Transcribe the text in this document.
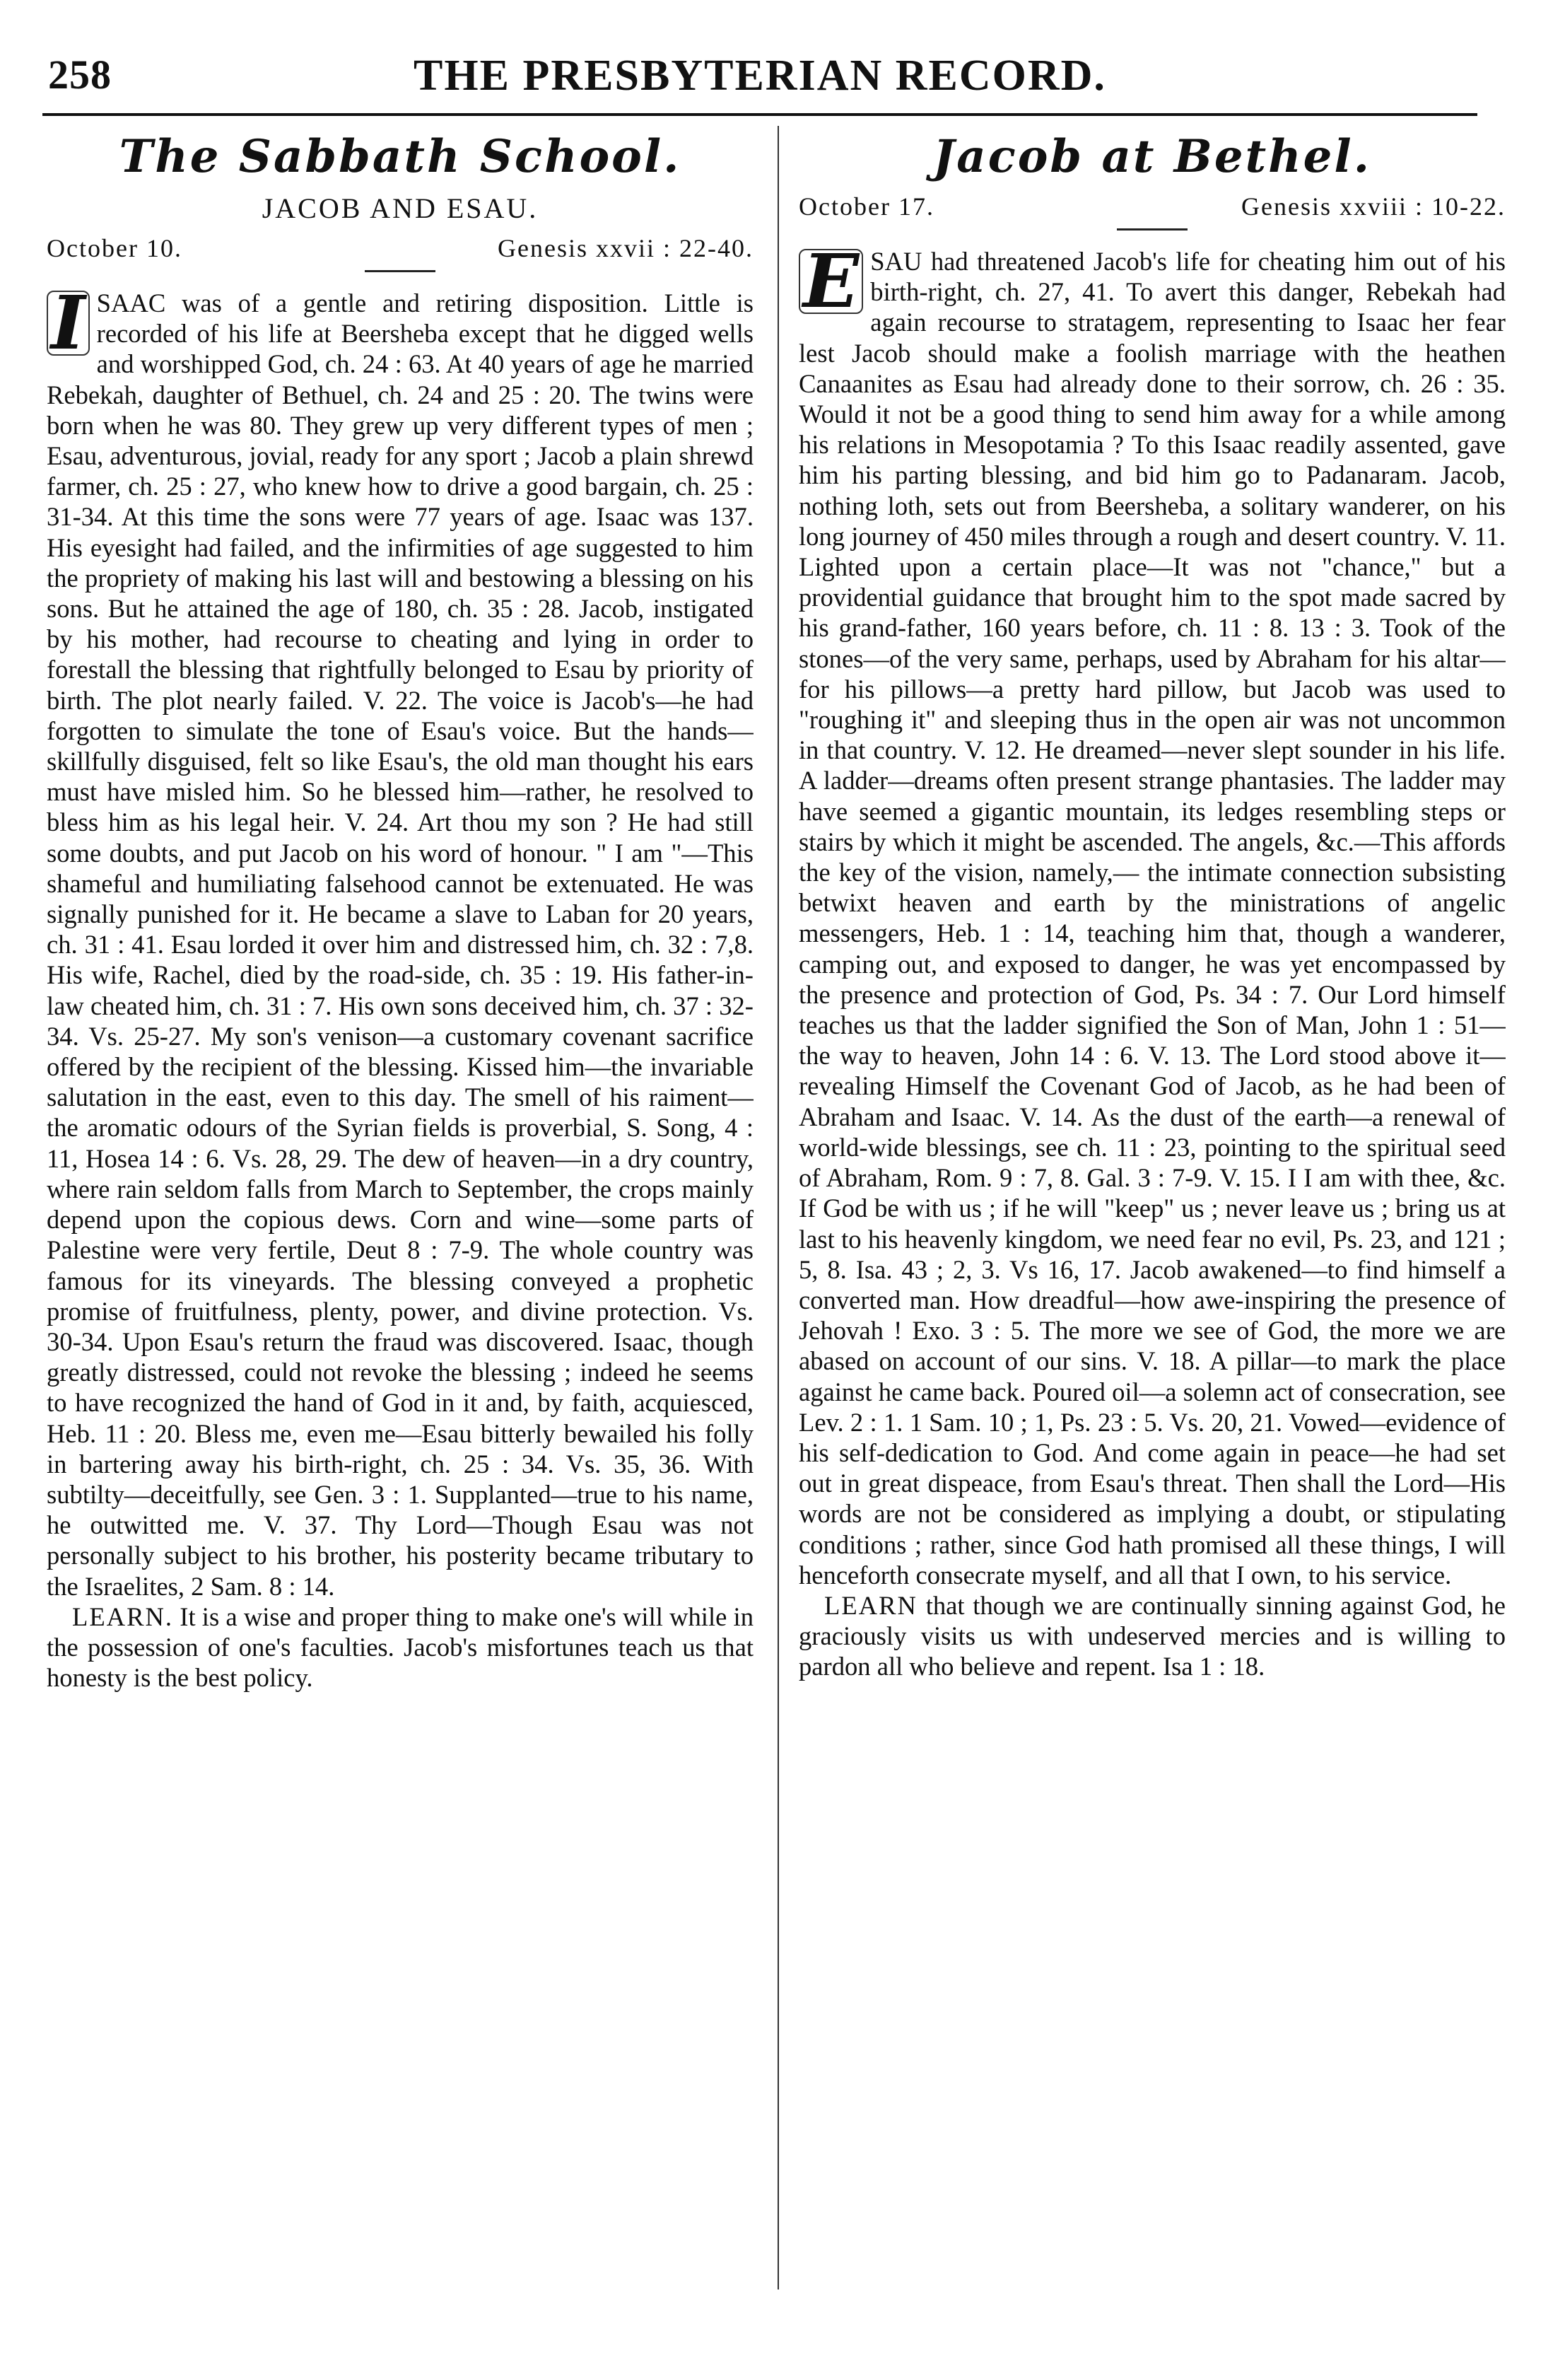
258	THE PRESBYTERIAN RECORD.
The Sabbath School.
JACOB AND ESAU.
October 10.	Genesis xxvii : 22-40.

I SAAC was of a gentle and retiring disposition. Little is recorded of his life at Beersheba except that he digged wells and worshipped God, ch. 24 : 63. At 40 years of age he married Rebekah, daughter of Bethuel, ch. 24 and 25 : 20. The twins were born when he was 80. They grew up very different types of men ; Esau, adventurous, jovial, ready for any sport ; Jacob a plain shrewd farmer, ch. 25 : 27, who knew how to drive a good bargain, ch. 25 : 31-34. At this time the sons were 77 years of age. Isaac was 137. His eyesight had failed, and the infirmities of age suggested to him the propriety of making his last will and bestowing a blessing on his sons. But he attained the age of 180, ch. 35 : 28. Jacob, instigated by his mother, had recourse to cheating and lying in order to forestall the blessing that rightfully belonged to Esau by priority of birth. The plot nearly failed. V. 22. The voice is Jacob's—he had forgotten to simulate the tone of Esau's voice. But the hands—skillfully disguised, felt so like Esau's, the old man thought his ears must have misled him. So he blessed him—rather, he resolved to bless him as his legal heir. V. 24. Art thou my son ? He had still some doubts, and put Jacob on his word of honour. " I am "—This shameful and humiliating falsehood cannot be extenuated. He was signally punished for it. He became a slave to Laban for 20 years, ch. 31 : 41. Esau lorded it over him and distressed him, ch. 32 : 7,8. His wife, Rachel, died by the road-side, ch. 35 : 19. His father-in-law cheated him, ch. 31 : 7. His own sons deceived him, ch. 37 : 32-34. Vs. 25-27. My son's venison—a customary covenant sacrifice offered by the recipient of the blessing. Kissed him—the invariable salutation in the east, even to this day. The smell of his raiment—the aromatic odours of the Syrian fields is proverbial, S. Song, 4 : 11, Hosea 14 : 6. Vs. 28, 29. The dew of heaven—in a dry country, where rain seldom falls from March to September, the crops mainly depend upon the copious dews. Corn and wine—some parts of Palestine were very fertile, Deut 8 : 7-9. The whole country was famous for its vineyards. The blessing conveyed a prophetic promise of fruitfulness, plenty, power, and divine protection. Vs. 30-34. Upon Esau's return the fraud was discovered. Isaac, though greatly distressed, could not revoke the blessing ; indeed he seems to have recognized the hand of God in it and, by faith, acquiesced, Heb. 11 : 20. Bless me, even me—Esau bitterly bewailed his folly in bartering away his birth-right, ch. 25 : 34. Vs. 35, 36. With subtilty—deceitfully, see Gen. 3 : 1. Supplanted—true to his name, he outwitted me. V. 37. Thy Lord—Though Esau was not personally subject to his brother, his posterity became tributary to the Israelites, 2 Sam. 8 : 14.

LEARN. It is a wise and proper thing to make one's will while in the possession of one's faculties. Jacob's misfortunes teach us that honesty is the best policy.

Jacob at Bethel.
October 17.	Genesis xxviii : 10-22.

E SAU had threatened Jacob's life for cheating him out of his birth-right, ch. 27, 41. To avert this danger, Rebekah had again recourse to stratagem, representing to Isaac her fear lest Jacob should make a foolish marriage with the heathen Canaanites as Esau had already done to their sorrow, ch. 26 : 35. Would it not be a good thing to send him away for a while among his relations in Mesopotamia ? To this Isaac readily assented, gave him his parting blessing, and bid him go to Padanaram. Jacob, nothing loth, sets out from Beersheba, a solitary wanderer, on his long journey of 450 miles through a rough and desert country. V. 11. Lighted upon a certain place—It was not "chance," but a providential guidance that brought him to the spot made sacred by his grand-father, 160 years before, ch. 11 : 8. 13 : 3. Took of the stones—of the very same, perhaps, used by Abraham for his altar—for his pillows—a pretty hard pillow, but Jacob was used to "roughing it" and sleeping thus in the open air was not uncommon in that country. V. 12. He dreamed—never slept sounder in his life. A ladder—dreams often present strange phantasies. The ladder may have seemed a gigantic mountain, its ledges resembling steps or stairs by which it might be ascended. The angels, &c.—This affords the key of the vision, namely,— the intimate connection subsisting betwixt heaven and earth by the ministrations of angelic messengers, Heb. 1 : 14, teaching him that, though a wanderer, camping out, and exposed to danger, he was yet encompassed by the presence and protection of God, Ps. 34 : 7. Our Lord himself teaches us that the ladder signified the Son of Man, John 1 : 51—the way to heaven, John 14 : 6. V. 13. The Lord stood above it—revealing Himself the Covenant God of Jacob, as he had been of Abraham and Isaac. V. 14. As the dust of the earth—a renewal of world-wide blessings, see ch. 11 : 23, pointing to the spiritual seed of Abraham, Rom. 9 : 7, 8. Gal. 3 : 7-9. V. 15. I I am with thee, &c. If God be with us ; if he will "keep" us ; never leave us ; bring us at last to his heavenly kingdom, we need fear no evil, Ps. 23, and 121 ; 5, 8. Isa. 43 ; 2, 3. Vs 16, 17. Jacob awakened—to find himself a converted man. How dreadful—how awe-inspiring the presence of Jehovah ! Exo. 3 : 5. The more we see of God, the more we are abased on account of our sins. V. 18. A pillar—to mark the place against he came back. Poured oil—a solemn act of consecration, see Lev. 2 : 1. 1 Sam. 10 ; 1, Ps. 23 : 5. Vs. 20, 21. Vowed—evidence of his self-dedication to God. And come again in peace—he had set out in great dispeace, from Esau's threat. Then shall the Lord—His words are not be considered as implying a doubt, or stipulating conditions ; rather, since God hath promised all these things, I will henceforth consecrate myself, and all that I own, to his service.

LEARN that though we are continually sinning against God, he graciously visits us with undeserved mercies and is willing to pardon all who believe and repent. Isa 1 : 18.
